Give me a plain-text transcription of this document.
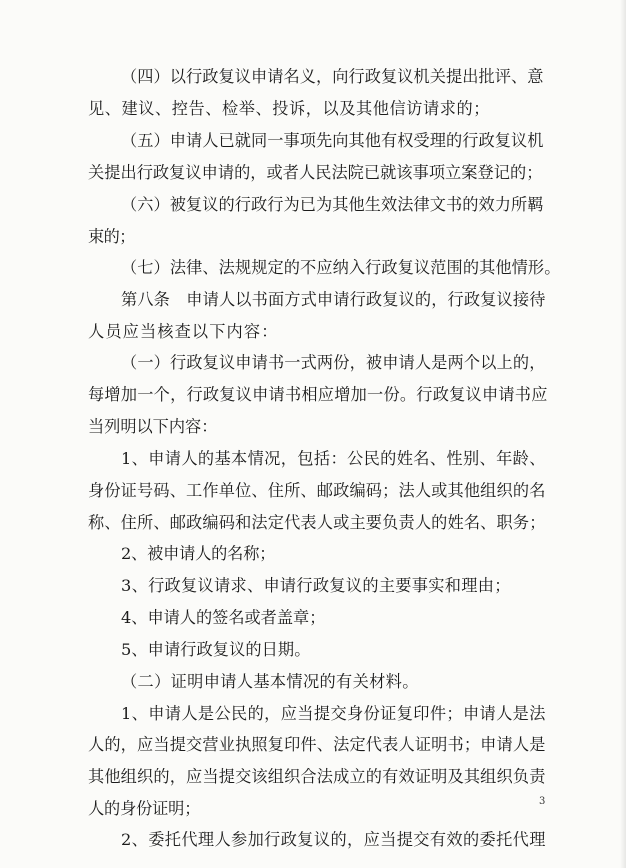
（四）以行政复议申请名义，向行政复议机关提出批评、意
见、建议、控告、检举、投诉，以及其他信访请求的；
（五）申请人已就同一事项先向其他有权受理的行政复议机
关提出行政复议申请的，或者人民法院已就该事项立案登记的；
（六）被复议的行政行为已为其他生效法律文书的效力所羁
束的；
（七）法律、法规规定的不应纳入行政复议范围的其他情形。
第八条　申请人以书面方式申请行政复议的，行政复议接待
人员应当核查以下内容：
（一）行政复议申请书一式两份，被申请人是两个以上的，
每增加一个，行政复议申请书相应增加一份。行政复议申请书应
当列明以下内容：
1、申请人的基本情况，包括：公民的姓名、性别、年龄、
身份证号码、工作单位、住所、邮政编码；法人或其他组织的名
称、住所、邮政编码和法定代表人或主要负责人的姓名、职务；
2、被申请人的名称；
3、行政复议请求、申请行政复议的主要事实和理由；
4、申请人的签名或者盖章；
5、申请行政复议的日期。
（二）证明申请人基本情况的有关材料。
1、申请人是公民的，应当提交身份证复印件；申请人是法
人的，应当提交营业执照复印件、法定代表人证明书；申请人是
其他组织的，应当提交该组织合法成立的有效证明及其组织负责
人的身份证明；
2、委托代理人参加行政复议的，应当提交有效的委托代理
3
